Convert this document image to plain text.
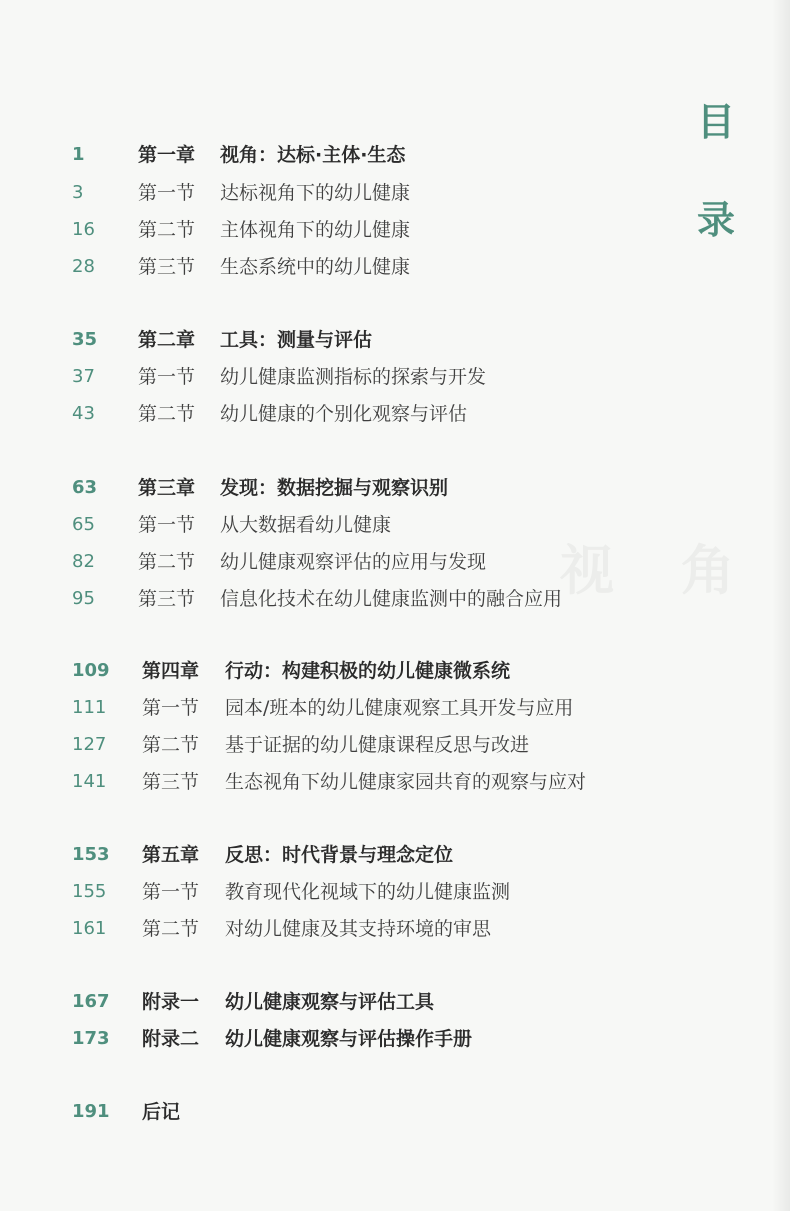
目
录
1	第一章 视角：达标·主体·生态
3	第一节 达标视角下的幼儿健康
16 第二节 主体视角下的幼儿健康
28 第三节 生态系统中的幼儿健康
35 第二章 工具：测量与评估
37 第一节 幼儿健康监测指标的探索与开发
43 第二节 幼儿健康的个别化观察与评估
63 第三章 发现：数据挖掘与观察识别
65 第一节 从大数据看幼儿健康
82 第二节 幼儿健康观察评估的应用与发现
95 第三节 信息化技术在幼儿健康监测中的融合应用
109 第四章 行动：构建积极的幼儿健康微系统
111 第一节 园本/班本的幼儿健康观察工具开发与应用
127 第二节 基于证据的幼儿健康课程反思与改进
141 第三节 生态视角下幼儿健康家园共育的观察与应对
153 第五章 反思：时代背景与理念定位
155 第一节 教育现代化视域下的幼儿健康监测
161 第二节 对幼儿健康及其支持环境的审思
167 附录一 幼儿健康观察与评估工具
173 附录二 幼儿健康观察与评估操作手册
191 后记
